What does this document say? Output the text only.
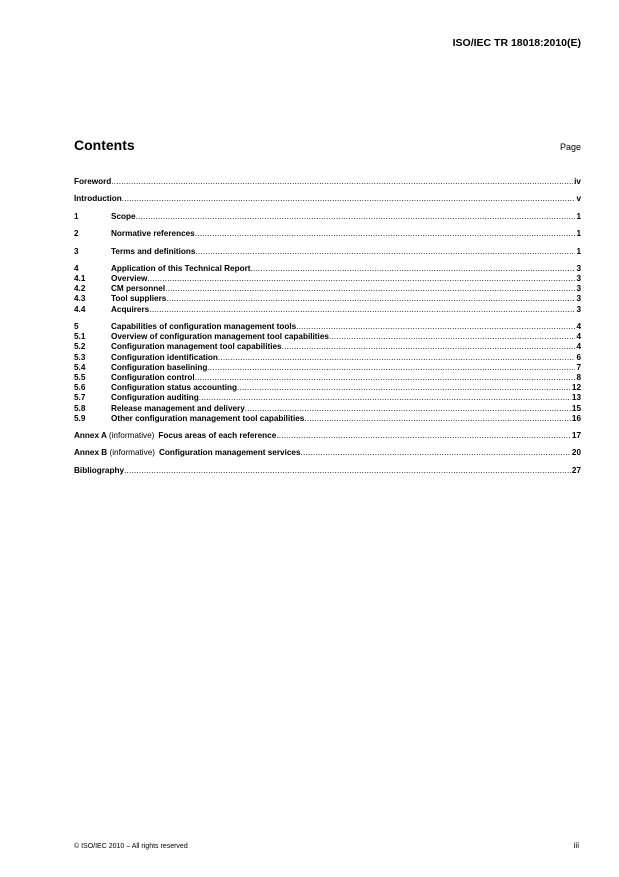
ISO/IEC TR 18018:2010(E)
Contents	Page
Foreword .....	iv
Introduction .....	v
1	Scope .....	1
2	Normative references .....	1
3	Terms and definitions .....	1
4	Application of this Technical Report .....	3
4.1	Overview .....	3
4.2	CM personnel .....	3
4.3	Tool suppliers .....	3
4.4	Acquirers .....	3
5	Capabilities of configuration management tools .....	4
5.1	Overview of configuration management tool capabilities .....	4
5.2	Configuration management tool capabilities .....	4
5.3	Configuration identification .....	6
5.4	Configuration baselining .....	7
5.5	Configuration control .....	8
5.6	Configuration status accounting .....	12
5.7	Configuration auditing .....	13
5.8	Release management and delivery .....	15
5.9	Other configuration management tool capabilities .....	16
Annex A (informative) Focus areas of each reference .....	17
Annex B (informative) Configuration management services .....	20
Bibliography .....	27
© ISO/IEC 2010 – All rights reserved	iii
